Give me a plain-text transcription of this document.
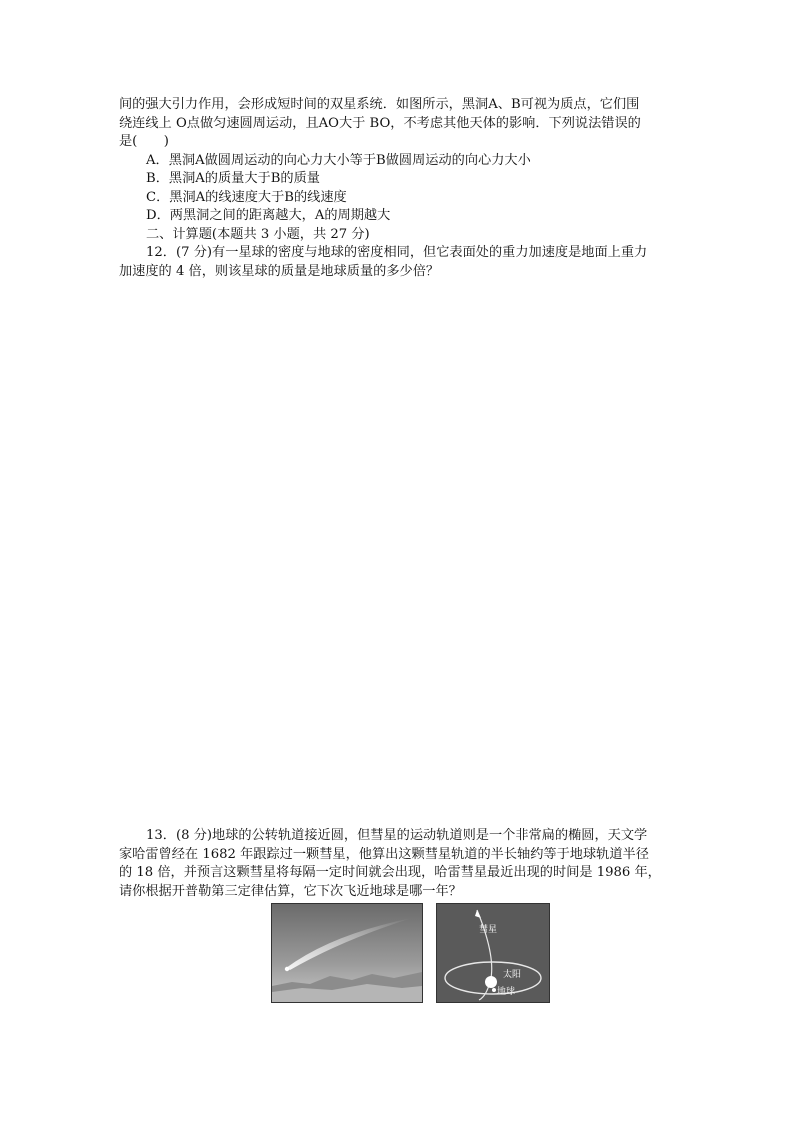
间的强大引力作用，会形成短时间的双星系统．如图所示，黑洞A、B可视为质点，它们围
绕连线上 O点做匀速圆周运动，且AO大于 BO，不考虑其他天体的影响．下列说法错误的
是(　　)
A．黑洞A做圆周运动的向心力大小等于B做圆周运动的向心力大小
B．黑洞A的质量大于B的质量
C．黑洞A的线速度大于B的线速度
D．两黑洞之间的距离越大，A的周期越大
二、计算题(本题共 3 小题，共 27 分)
12．(7 分)有一星球的密度与地球的密度相同，但它表面处的重力加速度是地面上重力
加速度的 4 倍，则该星球的质量是地球质量的多少倍？
13．(8 分)地球的公转轨道接近圆，但彗星的运动轨道则是一个非常扁的椭圆，天文学
家哈雷曾经在 1682 年跟踪过一颗彗星，他算出这颗彗星轨道的半长轴约等于地球轨道半径
的 18 倍，并预言这颗彗星将每隔一定时间就会出现，哈雷彗星最近出现的时间是 1986 年，
请你根据开普勒第三定律估算，它下次飞近地球是哪一年？
彗星
太阳
地球
